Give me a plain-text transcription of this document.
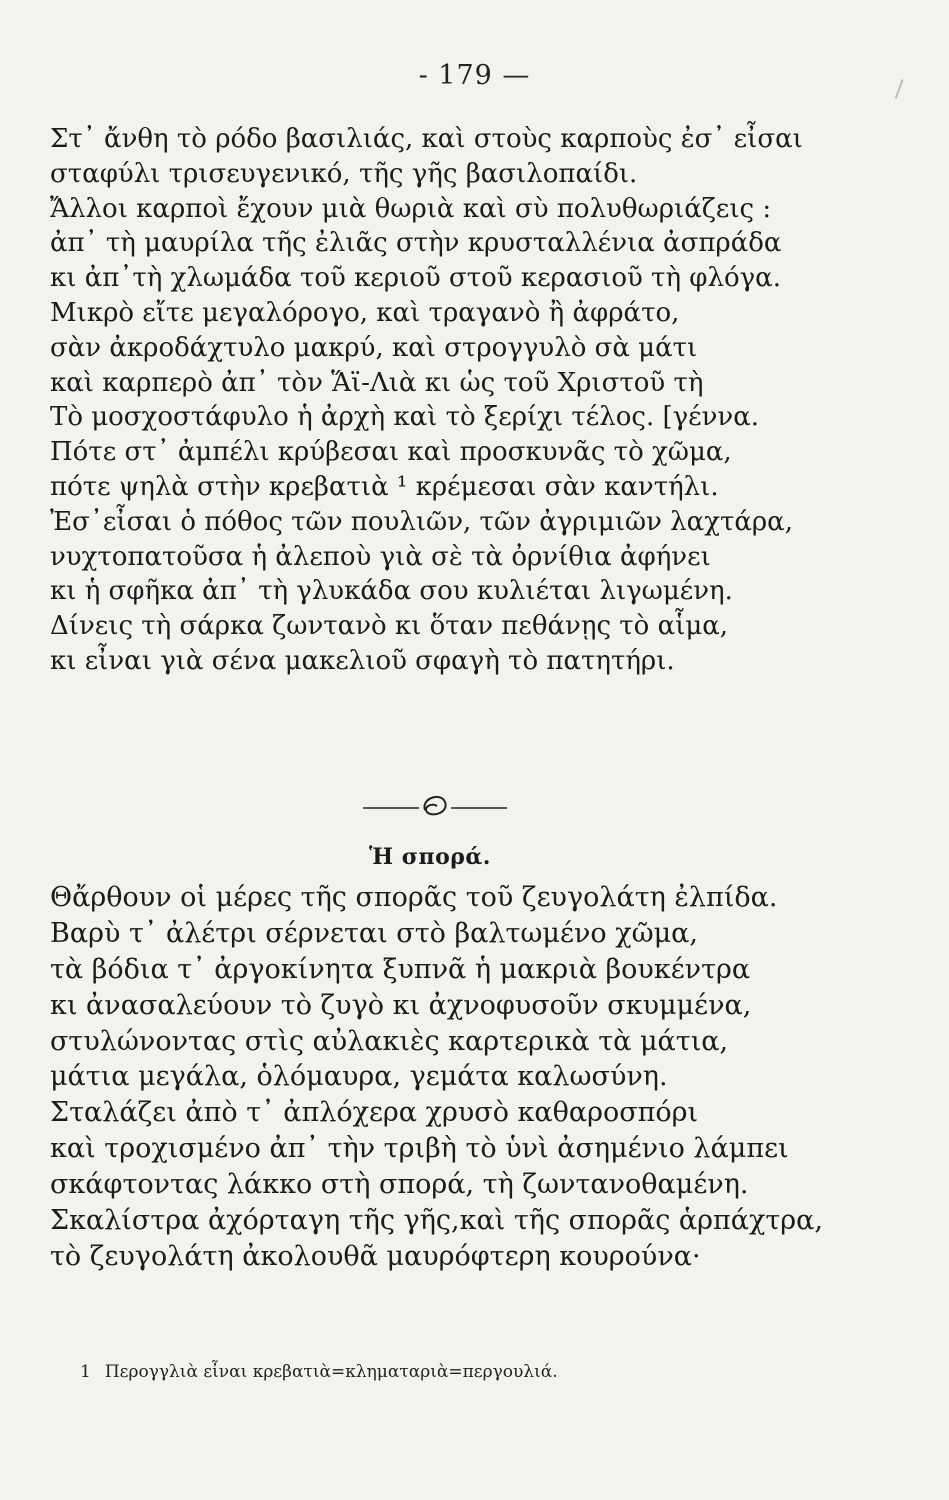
- 179 —
Στ᾽ ἄνθη τὸ ρόδο βασιλιάς, καὶ στοὺς καρποὺς ἐσ᾽ εἶσαι
σταφύλι τρισευγενικό, τῆς γῆς βασιλοπαίδι.
Ἄλλοι καρποὶ ἔχουν μιὰ θωριὰ καὶ σὺ πολυθωριάζεις :
ἀπ᾽ τὴ μαυρίλα τῆς ἐλιᾶς στὴν κρυσταλλένια ἀσπράδα
κι ἀπ᾽τὴ χλωμάδα τοῦ κεριοῦ στοῦ κερασιοῦ τὴ φλόγα.
Μικρὸ εἴτε μεγαλόρογο, καὶ τραγανὸ ἢ ἀφράτο,
σὰν ἀκροδάχτυλο μακρύ, καὶ στρογγυλὸ σὰ μάτι
καὶ καρπερὸ ἀπ᾽ τὸν Ἅϊ-Λιὰ κι ὡς τοῦ Χριστοῦ τὴ
Τὸ μοσχοστάφυλο ἡ ἀρχὴ καὶ τὸ ξερίχι τέλος. [γέννα.
Πότε στ᾽ ἀμπέλι κρύβεσαι καὶ προσκυνᾶς τὸ χῶμα,
πότε ψηλὰ στὴν κρεβατιὰ ¹ κρέμεσαι σὰν καντήλι.
Ἐσ᾽εἶσαι ὁ πόθος τῶν πουλιῶν, τῶν ἀγριμιῶν λαχτάρα,
νυχτοπατοῦσα ἡ ἀλεποὺ γιὰ σὲ τὰ ὀρνίθια ἀφήνει
κι ἡ σφῆκα ἀπ᾽ τὴ γλυκάδα σου κυλιέται λιγωμένη.
Δίνεις τὴ σάρκα ζωντανὸ κι ὅταν πεθάνῃς τὸ αἷμα,
κι εἶναι γιὰ σένα μακελιοῦ σφαγὴ τὸ πατητήρι.
Ἡ σπορά.
Θἄρθουν οἱ μέρες τῆς σπορᾶς τοῦ ζευγολάτη ἐλπίδα.
Βαρὺ τ᾽ ἀλέτρι σέρνεται στὸ βαλτωμένο χῶμα,
τὰ βόδια τ᾽ ἀργοκίνητα ξυπνᾶ ἡ μακριὰ βουκέντρα
κι ἀνασαλεύουν τὸ ζυγὸ κι ἀχνοφυσοῦν σκυμμένα,
στυλώνοντας στὶς αὐλακιὲς καρτερικὰ τὰ μάτια,
μάτια μεγάλα, ὁλόμαυρα, γεμάτα καλωσύνη.
Σταλάζει ἀπὸ τ᾽ ἀπλόχερα χρυσὸ καθαροσπόρι
καὶ τροχισμένο ἀπ᾽ τὴν τριβὴ τὸ ὑνὶ ἀσημένιο λάμπει
σκάφτοντας λάκκο στὴ σπορά, τὴ ζωντανοθαμένη.
Σκαλίστρα ἀχόρταγη τῆς γῆς,καὶ τῆς σπορᾶς ἁρπάχτρα,
τὸ ζευγολάτη ἀκολουθᾶ μαυρόφτερη κουρούνα·
1 Περογγλιὰ εἶναι κρεβατιὰ=κληματαριὰ=περγουλιά.
